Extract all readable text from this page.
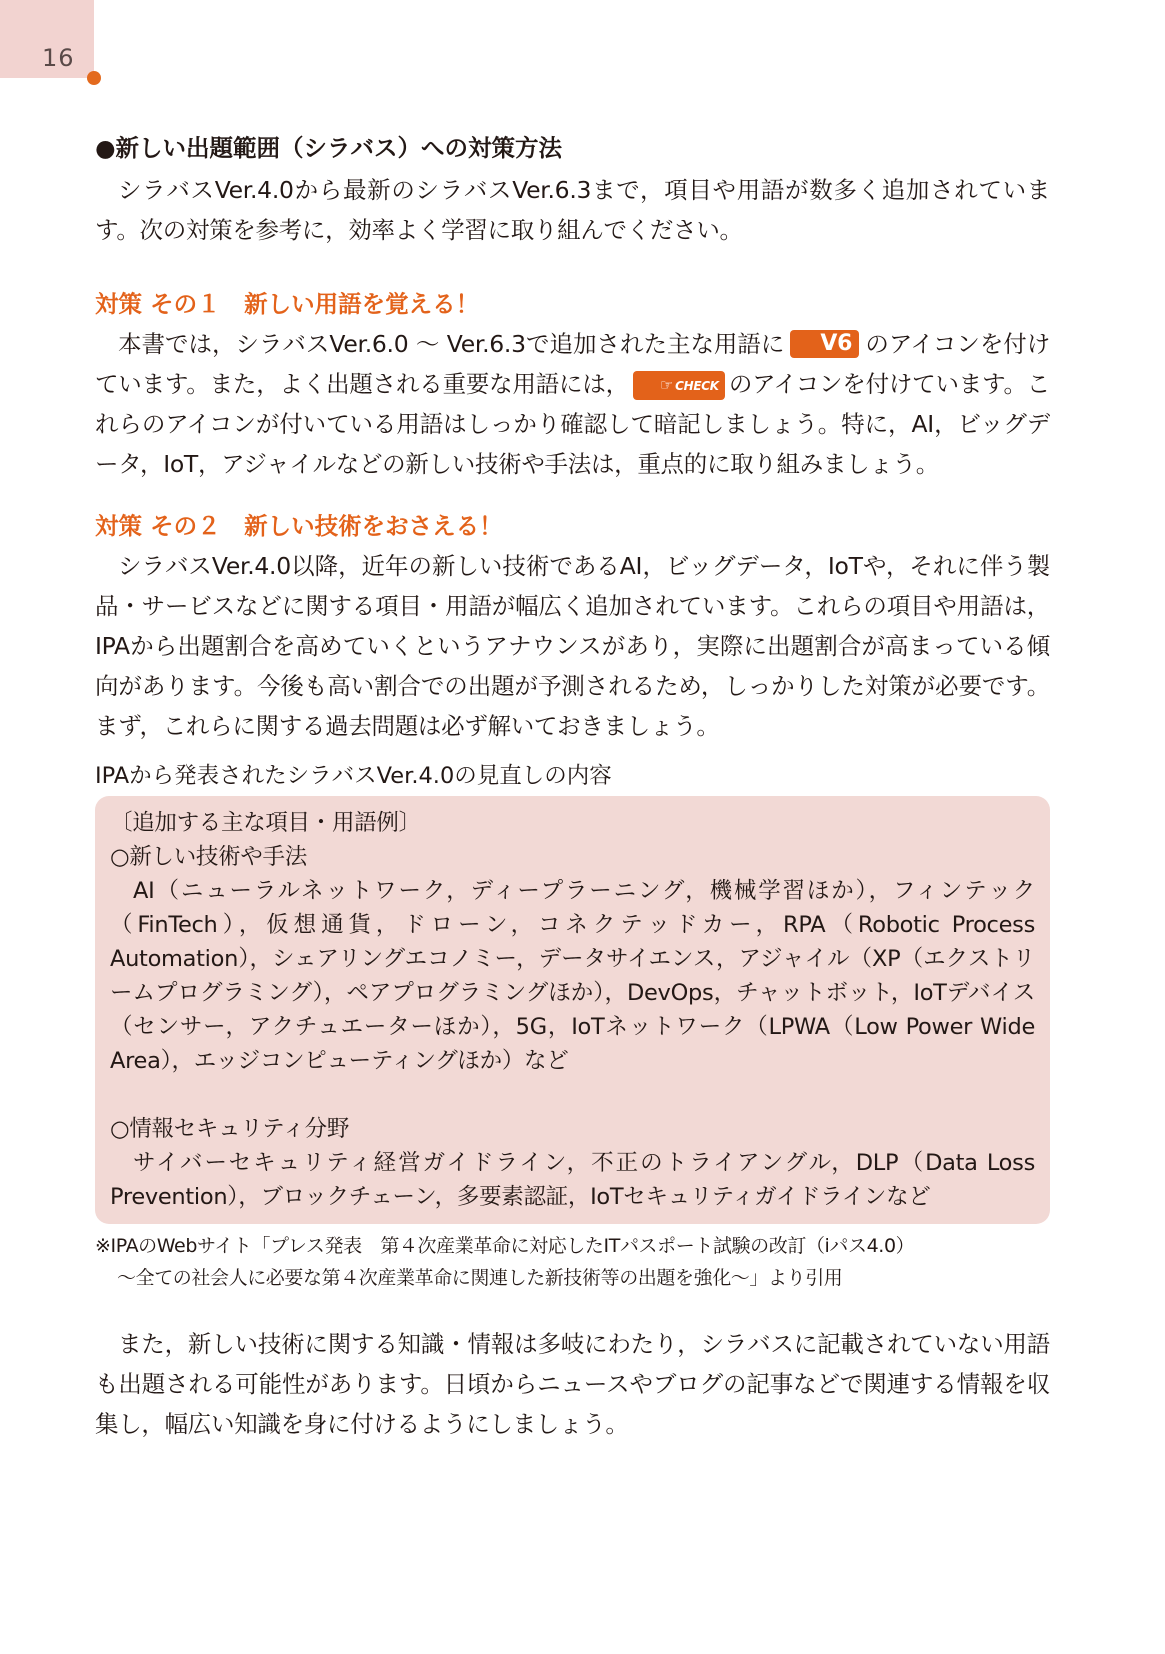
16
●新しい出題範囲（シラバス）への対策方法

シラバスVer.4.0から最新のシラバスVer.6.3まで，項目や用語が数多く追加されています。次の対策を参考に，効率よく学習に取り組んでください。

対策 その１　新しい用語を覚える！

本書では，シラバスVer.6.0 ～ Ver.6.3で追加された主な用語に V6 のアイコンを付けています。また，よく出題される重要な用語には， ☞ CHECK のアイコンを付けています。これらのアイコンが付いている用語はしっかり確認して暗記しましょう。特に，AI，ビッグデータ，IoT，アジャイルなどの新しい技術や手法は，重点的に取り組みましょう。

対策 その２　新しい技術をおさえる！

シラバスVer.4.0以降，近年の新しい技術であるAI，ビッグデータ，IoTや，それに伴う製品・サービスなどに関する項目・用語が幅広く追加されています。これらの項目や用語は，IPAから出題割合を高めていくというアナウンスがあり，実際に出題割合が高まっている傾向があります。今後も高い割合での出題が予測されるため，しっかりした対策が必要です。まず，これらに関する過去問題は必ず解いておきましょう。

IPAから発表されたシラバスVer.4.0の見直しの内容

〔追加する主な項目・用語例〕

○新しい技術や手法

AI（ニューラルネットワーク，ディープラーニング，機械学習ほか），フィンテック（FinTech），仮想通貨，ドローン，コネクテッドカー，RPA（Robotic Process Automation），シェアリングエコノミー，データサイエンス，アジャイル（XP（エクストリームプログラミング），ペアプログラミングほか），DevOps，チャットボット，IoTデバイス（センサー，アクチュエーターほか），5G，IoTネットワーク（LPWA（Low Power Wide Area），エッジコンピューティングほか）など

○情報セキュリティ分野

サイバーセキュリティ経営ガイドライン，不正のトライアングル，DLP（Data Loss Prevention），ブロックチェーン，多要素認証，IoTセキュリティガイドラインなど

※IPAのWebサイト「プレス発表　第４次産業革命に対応したITパスポート試験の改訂（iパス4.0）
～全ての社会人に必要な第４次産業革命に関連した新技術等の出題を強化～」より引用

また，新しい技術に関する知識・情報は多岐にわたり，シラバスに記載されていない用語も出題される可能性があります。日頃からニュースやブログの記事などで関連する情報を収集し，幅広い知識を身に付けるようにしましょう。
